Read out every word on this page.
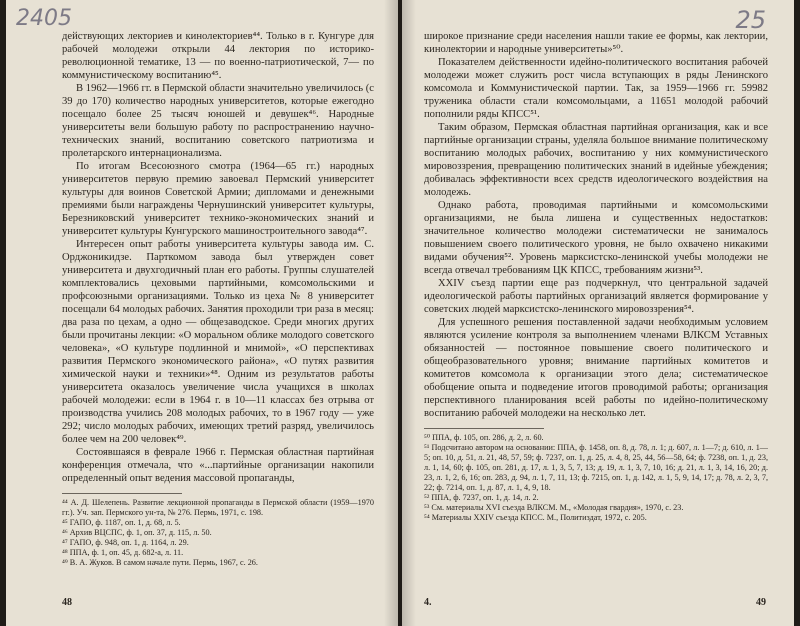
2405

действующих лекториев и кинолекториев⁴⁴. Только в г. Кунгуре для рабочей молодежи открыли 44 лектория по историко-революционной тематике, 13 — по военно-патриотической, 7— по коммунистическому воспитанию⁴⁵.

В 1962—1966 гг. в Пермской области значительно увеличилось (с 39 до 170) количество народных университетов, которые ежегодно посещало более 25 тысяч юношей и девушек⁴⁶. Народные университеты вели большую работу по распространению научно-технических знаний, воспитанию советского патриотизма и пролетарского интернационализма.

По итогам Всесоюзного смотра (1964—65 гг.) народных университетов первую премию завоевал Пермский университет культуры для воинов Советской Армии; дипломами и денежными премиями были награждены Чернушинский университет культуры, Березниковский университет технико-экономических знаний и университет культуры Кунгурского машиностроительного завода⁴⁷.

Интересен опыт работы университета культуры завода им. С. Орджоникидзе. Парткомом завода был утвержден совет университета и двухгодичный план его работы. Группы слушателей комплектовались цеховыми партийными, комсомольскими и профсоюзными организациями. Только из цеха № 8 университет посещали 64 молодых рабочих. Занятия проходили три раза в месяц: два раза по цехам, а одно — общезаводское. Среди многих других были прочитаны лекции: «О моральном облике молодого советского человека», «О культуре подлинной и мнимой», «О перспективах развития Пермского экономического района», «О путях развития химической науки и техники»⁴⁸. Одним из результатов работы университета оказалось увеличение числа учащихся в школах рабочей молодежи: если в 1964 г. в 10—11 классах без отрыва от производства учились 208 молодых рабочих, то в 1967 году — уже 292; число молодых рабочих, имеющих третий разряд, увеличилось более чем на 200 человек⁴⁹.

Состоявшаяся в феврале 1966 г. Пермская областная партийная конференция отмечала, что «...партийные организации накопили определенный опыт ведения массовой пропаганды,

⁴⁴ А. Д. Шелепень. Развитие лекционной пропаганды в Пермской области (1959—1970 гг.). Уч. зап. Пермского ун-та, № 276. Пермь, 1971, с. 198.
⁴⁵ ГАПО, ф. 1187, оп. 1, д. 68, л. 5.
⁴⁶ Архив ВЦСПС, ф. 1, оп. 37, д. 115, л. 50.
⁴⁷ ГАПО, ф. 948, оп. 1, д. 1164, л. 29.
⁴⁸ ППА, ф. 1, оп. 45, д. 682-а, л. 11.
⁴⁹ В. А. Жуков. В самом начале пути. Пермь, 1967, с. 26.
48
25

широкое признание среди населения нашли такие ее формы, как лектории, кинолектории и народные университеты»⁵⁰.

Показателем действенности идейно-политического воспитания рабочей молодежи может служить рост числа вступающих в ряды Ленинского комсомола и Коммунистической партии. Так, за 1959—1966 гг. 59982 труженика области стали комсомольцами, а 11651 молодой рабочий пополнили ряды КПСС⁵¹.

Таким образом, Пермская областная партийная организация, как и все партийные организации страны, уделяла большое внимание политическому воспитанию молодых рабочих, воспитанию у них коммунистического мировоззрения, превращению политических знаний в идейные убеждения; добивалась эффективности всех средств идеологического воздействия на молодежь.

Однако работа, проводимая партийными и комсомольскими организациями, не была лишена и существенных недостатков: значительное количество молодежи систематически не занималось повышением своего политического уровня, не было охвачено никакими видами обучения⁵². Уровень марксистско-ленинской учебы молодежи не всегда отвечал требованиям ЦК КПСС, требованиям жизни⁵³.

XXIV съезд партии еще раз подчеркнул, что центральной задачей идеологической работы партийных организаций является формирование у советских людей марксистско-ленинского мировоззрения⁵⁴.

Для успешного решения поставленной задачи необходимым условием являются усиление контроля за выполнением членами ВЛКСМ Уставных обязанностей — постоянное повышение своего политического и общеобразовательного уровня; внимание партийных комитетов и комитетов комсомола к организации этого дела; систематическое обобщение опыта и подведение итогов проводимой работы; организация перспективного планирования всей работы по идейно-политическому воспитанию рабочей молодежи на несколько лет.

⁵⁰ ППА, ф. 105, оп. 286, д. 2, л. 60.
⁵¹ Подсчитано автором на основании: ППА, ф. 1458, оп. 8, д. 78, л. 1; д. 607, л. 1—7; д. 610, л. 1—5; оп. 10, д. 51, л. 21, 48, 57, 59; ф. 7237, оп. 1, д. 25, л. 4, 8, 25, 44, 56—58, 64; ф. 7238, оп. 1, д. 23, л. 1, 14, 60; ф. 105, оп. 281, д. 17, л. 1, 3, 5, 7, 13; д. 19, л. 1, 3, 7, 10, 16; д. 21, л. 1, 3, 14, 16, 20; д. 23, л. 1, 2, 6, 16; оп. 283, д. 94, л. 1, 7, 11, 13; ф. 7215, оп. 1, д. 142, л. 1, 5, 9, 14, 17; д. 78, л. 2, 3, 7, 22; ф. 7214, оп. 1, д. 87, л. 1, 4, 9, 18.
⁵² ППА, ф. 7237, оп. 1, д. 14, л. 2.
⁵³ См. материалы XVI съезда ВЛКСМ. М., «Молодая гвардия», 1970, с. 23.
⁵⁴ Материалы XXIV съезда КПСС. М., Политиздат, 1972, с. 205.
4.	49
